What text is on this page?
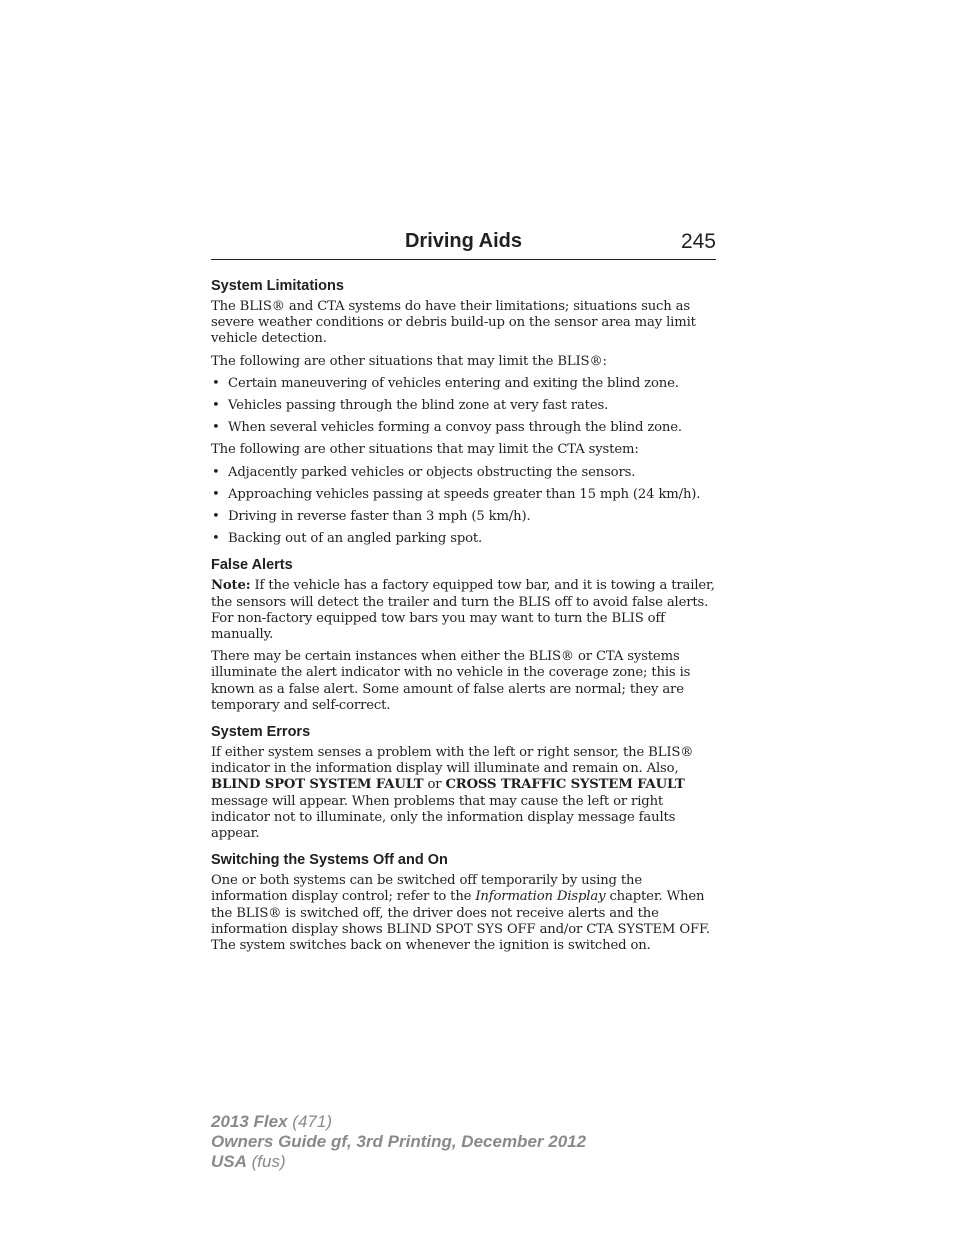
Driving Aids	245
System Limitations

The BLIS® and CTA systems do have their limitations; situations such as severe weather conditions or debris build-up on the sensor area may limit vehicle detection.

The following are other situations that may limit the BLIS®:

• Certain maneuvering of vehicles entering and exiting the blind zone.
• Vehicles passing through the blind zone at very fast rates.
• When several vehicles forming a convoy pass through the blind zone.

The following are other situations that may limit the CTA system:

• Adjacently parked vehicles or objects obstructing the sensors.
• Approaching vehicles passing at speeds greater than 15 mph (24 km/h).
• Driving in reverse faster than 3 mph (5 km/h).
• Backing out of an angled parking spot.
False Alerts

Note: If the vehicle has a factory equipped tow bar, and it is towing a trailer, the sensors will detect the trailer and turn the BLIS off to avoid false alerts. For non-factory equipped tow bars you may want to turn the BLIS off manually.

There may be certain instances when either the BLIS® or CTA systems illuminate the alert indicator with no vehicle in the coverage zone; this is known as a false alert. Some amount of false alerts are normal; they are temporary and self-correct.

System Errors

If either system senses a problem with the left or right sensor, the BLIS® indicator in the information display will illuminate and remain on. Also, BLIND SPOT SYSTEM FAULT or CROSS TRAFFIC SYSTEM FAULT message will appear. When problems that may cause the left or right indicator not to illuminate, only the information display message faults appear.

Switching the Systems Off and On

One or both systems can be switched off temporarily by using the information display control; refer to the Information Display chapter. When the BLIS® is switched off, the driver does not receive alerts and the information display shows BLIND SPOT SYS OFF and/or CTA SYSTEM OFF. The system switches back on whenever the ignition is switched on.

2013 Flex (471)
Owners Guide gf, 3rd Printing, December 2012
USA (fus)
